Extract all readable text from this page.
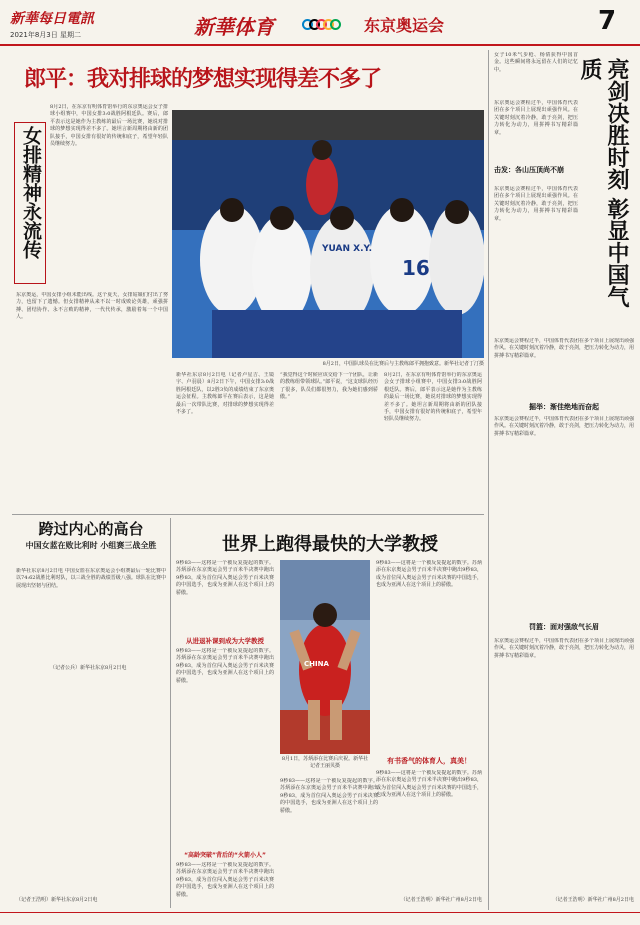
新華每日電訊
2021年8月3日 星期二	新華体育	东京奥运会	7
郎平：我对排球的梦想实现得差不多了
女排精神永流传
东京奥运，中国女排小组未能出线。这个夏天，女排姑娘们付出了努力，也留下了遗憾。但女排精神从来不以一时成败论英雄，顽强拼搏、团结协作、永不言败的精神，一代代传承，激励着每一个中国人。
8月2日，在东京有明体育馆举行的东京奥运会女子排球小组赛中，中国女排3:0战胜阿根廷队。赛后，郎平表示这是她作为主教练的最后一场比赛，她说对排球的梦想实现得差不多了。她坦言新周期将由新的团队接手，中国女排有很好的传统和底子，希望年轻队员继续努力。
（记者公兵）新华社东京8月2日电
YUAN X.Y.
16
8月2日，中国队球员在比赛后与主教练郎平拥抱致意。新华社记者丁汀摄
新华社东京8月2日电（记者卢星吉、王镜宇、卢羽晨）8月2日下午，中国女排3:0战胜阿根廷队，以2胜3负的成绩结束了东京奥运会征程。主教练郎平在赛后表示，这是她最后一次带队比赛，对排球的梦想实现得差不多了。
“我觉得这个时候应该交给下一个团队，让新的教练组带领球队。”郎平说，“这支球队经历了很多，队员们都很努力，我为她们感到骄傲。”
8月2日，在东京有明体育馆举行的东京奥运会女子排球小组赛中，中国女排3:0战胜阿根廷队。赛后，郎平表示这是她作为主教练的最后一场比赛，她说对排球的梦想实现得差不多了。她坦言新周期将由新的团队接手，中国女排有很好的传统和底子，希望年轻队员继续努力。
女子10米气步枪、杨倩获得中国首金。这些瞬间将永远留在人们的记忆中。	亮剑决胜时刻 彰显中国气质
东京奥运会赛程过半，中国体育代表团在多个项目上展现出顽强作风。在关键时刻沉着冷静，敢于亮剑，把压力转化为动力，用拼搏书写精彩篇章。
击发：各山压顶尚不崩
东京奥运会赛程过半，中国体育代表团在多个项目上展现出顽强作风。在关键时刻沉着冷静，敢于亮剑，把压力转化为动力，用拼搏书写精彩篇章。
东京奥运会赛程过半，中国体育代表团在多个项目上展现出顽强作风。在关键时刻沉着冷静，敢于亮剑，把压力转化为动力，用拼搏书写精彩篇章。
掘举：渐佳绝地而奋起
东京奥运会赛程过半，中国体育代表团在多个项目上展现出顽强作风。在关键时刻沉着冷静，敢于亮剑，把压力转化为动力，用拼搏书写精彩篇章。
罚篮：面对强敌气长眉
东京奥运会赛程过半，中国体育代表团在多个项目上展现出顽强作风。在关键时刻沉着冷静，敢于亮剑，把压力转化为动力，用拼搏书写精彩篇章。
（记者王浩明）新华社广州8月2日电
跨过内心的高台
中国女蓝在败比利时 小组赛三战全胜
新华社东京8月2日电 中国女篮在东京奥运会小组赛最后一轮比赛中以74:62战胜比利时队，以三战全胜的战绩晋级八强。球队在比赛中展现出坚韧与团结。
（记者王浩明）新华社东京8月2日电
世界上跑得最快的大学教授
9秒83——这将是一个被反复提起的数字。苏炳添在东京奥运会男子百米半决赛中跑出9秒83，成为首位闯入奥运会男子百米决赛的中国选手，也成为亚洲人在这个项目上的骄傲。
从进退补课到成为大学教授
9秒83——这将是一个被反复提起的数字。苏炳添在东京奥运会男子百米半决赛中跑出9秒83，成为首位闯入奥运会男子百米决赛的中国选手，也成为亚洲人在这个项目上的骄傲。
“高龄突破”背后的“火箭小人”
9秒83——这将是一个被反复提起的数字。苏炳添在东京奥运会男子百米半决赛中跑出9秒83，成为首位闯入奥运会男子百米决赛的中国选手，也成为亚洲人在这个项目上的骄傲。
CHINA
8月1日，苏炳添在比赛后庆祝。新华社记者王丽贝摄
9秒83——这将是一个被反复提起的数字。苏炳添在东京奥运会男子百米半决赛中跑出9秒83，成为首位闯入奥运会男子百米决赛的中国选手，也成为亚洲人在这个项目上的骄傲。
9秒83——这将是一个被反复提起的数字。苏炳添在东京奥运会男子百米半决赛中跑出9秒83，成为首位闯入奥运会男子百米决赛的中国选手，也成为亚洲人在这个项目上的骄傲。
有书香气的体育人，真美！
9秒83——这将是一个被反复提起的数字。苏炳添在东京奥运会男子百米半决赛中跑出9秒83，成为首位闯入奥运会男子百米决赛的中国选手，也成为亚洲人在这个项目上的骄傲。
（记者王浩明）新华社广州8月2日电
